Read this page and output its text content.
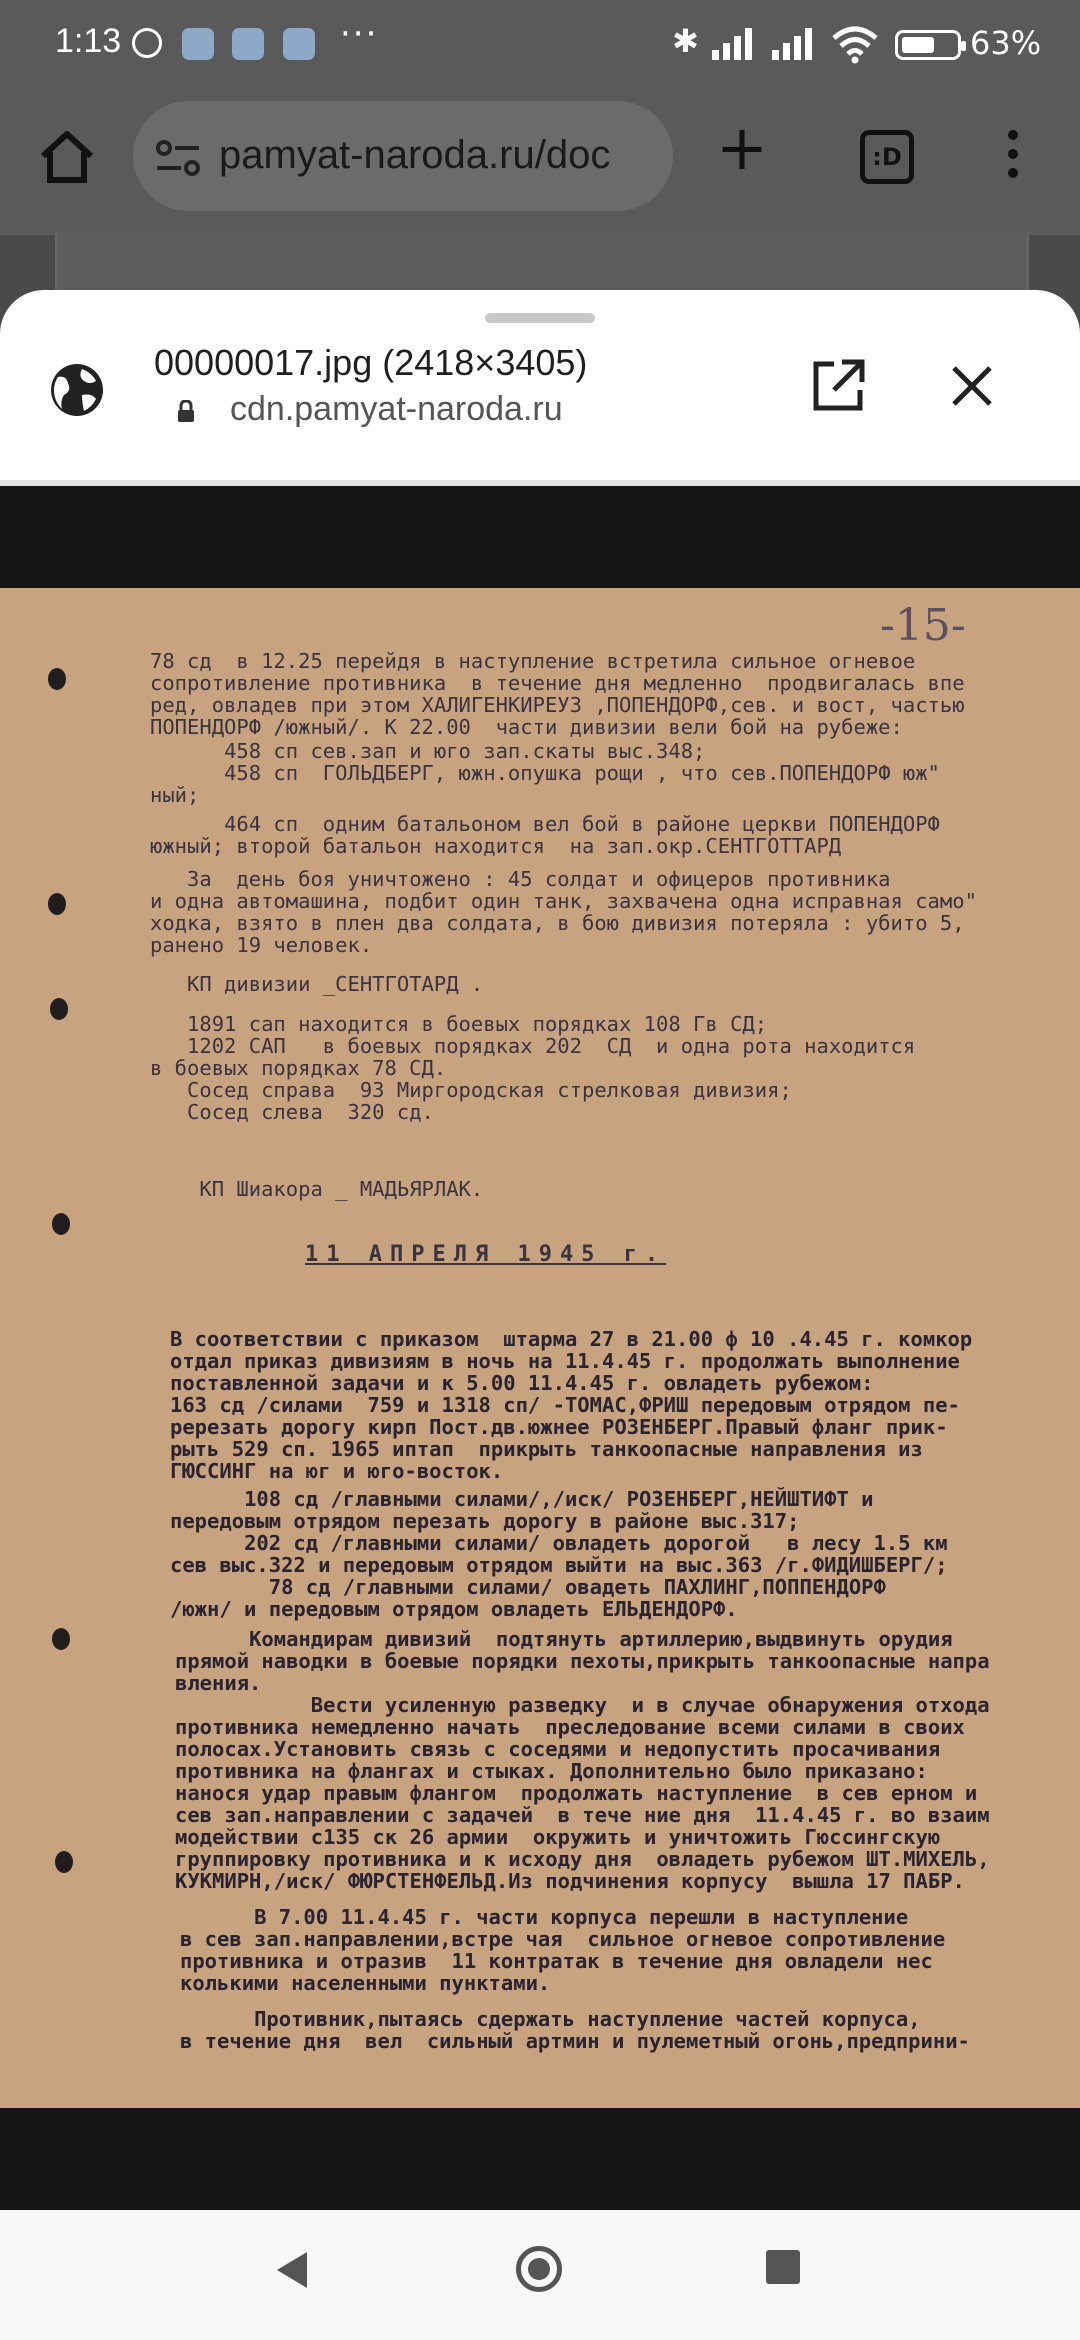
1:13	···	✱	63%
pamyat-naroda.ru/doc	+	:D
00000017.jpg (2418×3405)
cdn.pamyat-naroda.ru
-15-
78 сд  в 12.25 перейдя в наступление встретила сильное огневое
сопротивление противника  в течение дня медленно  продвигалась впе
ред, овладев при этом ХАЛИГЕНКИРЕУЗ ,ПОПЕНДОРФ,сев. и вост, частью
ПОПЕНДОРФ /южный/. К 22.00  части дивизии вели бой на рубеже:
458 сп сев.зап и юго зап.скаты выс.348;
458 сп  ГОЛЬДБЕРГ, южн.опушка рощи , что сев.ПОПЕНДОРФ юж"
ный;
464 сп  одним батальоном вел бой в районе церкви ПОПЕНДОРФ
южный; второй батальон находится  на зап.окр.СЕНТГОТТАРД
За  день боя уничтожено : 45 солдат и офицеров противника
и одна автомашина, подбит один танк, захвачена одна исправная само"
ходка, взято в плен два солдата, в бою дивизия потеряла : убито 5,
ранено 19 человек.
КП дивизии _СЕНТГОТАРД .
1891 сап находится в боевых порядках 108 Гв СД;
1202 САП   в боевых порядках 202  СД  и одна рота находится
в боевых порядках 78 СД.
Сосед справа  93 Миргородская стрелковая дивизия;
Сосед слева  320 сд.
КП Шиакора _ МАДЬЯРЛАК.
11 АПРЕЛЯ 1945 г.
В соответствии с приказом  штарма 27 в 21.00 ф 10 .4.45 г. комкор
отдал приказ дивизиям в ночь на 11.4.45 г. продолжать выполнение
поставленной задачи и к 5.00 11.4.45 г. овладеть рубежом:
163 сд /силами  759 и 1318 сп/ -ТОМАС,ФРИШ передовым отрядом пе-
ререзать дорогу кирп Пост.дв.южнее РОЗЕНБЕРГ.Правый фланг прик-
рыть 529 сп. 1965 иптап  прикрыть танкоопасные направления из
ГЮССИНГ на юг и юго-восток.
108 сд /главными силами/,/иск/ РОЗЕНБЕРГ,НЕЙШТИФТ и
передовым отрядом перезать дорогу в районе выс.317;
202 сд /главными силами/ овладеть дорогой   в лесу 1.5 км
сев выс.322 и передовым отрядом выйти на выс.363 /г.ФИДИШБЕРГ/;
78 сд /главными силами/ овадеть ПАХЛИНГ,ПОППЕНДОРФ
/южн/ и передовым отрядом овладеть ЕЛЬДЕНДОРФ.
Командирам дивизий  подтянуть артиллерию,выдвинуть орудия
прямой наводки в боевые порядки пехоты,прикрыть танкоопасные напра
вления.
Вести усиленную разведку  и в случае обнаружения отхода
противника немедленно начать  преследование всеми силами в своих
полосах.Установить связь с соседями и недопустить просачивания
противника на флангах и стыках. Дополнительно было приказано:
нанося удар правым флангом  продолжать наступление  в сев ерном и
сев зап.направлении с задачей  в тече ние дня  11.4.45 г. во взаим
модействии с135 ск 26 армии  окружить и уничтожить Гюссингскую
группировку противника и к исходу дня  овладеть рубежом ШТ.МИХЕЛЬ,
КУКМИРН,/иск/ ФЮРСТЕНФЕЛЬД.Из подчинения корпусу  вышла 17 ПАБР.
В 7.00 11.4.45 г. части корпуса перешли в наступление
в сев зап.направлении,встре чая  сильное огневое сопротивление
противника и отразив  11 контратак в течение дня овладели нес
колькими населенными пунктами.
Противник,пытаясь сдержать наступление частей корпуса,
в течение дня  вел  сильный артмин и пулеметный огонь,предприни-
